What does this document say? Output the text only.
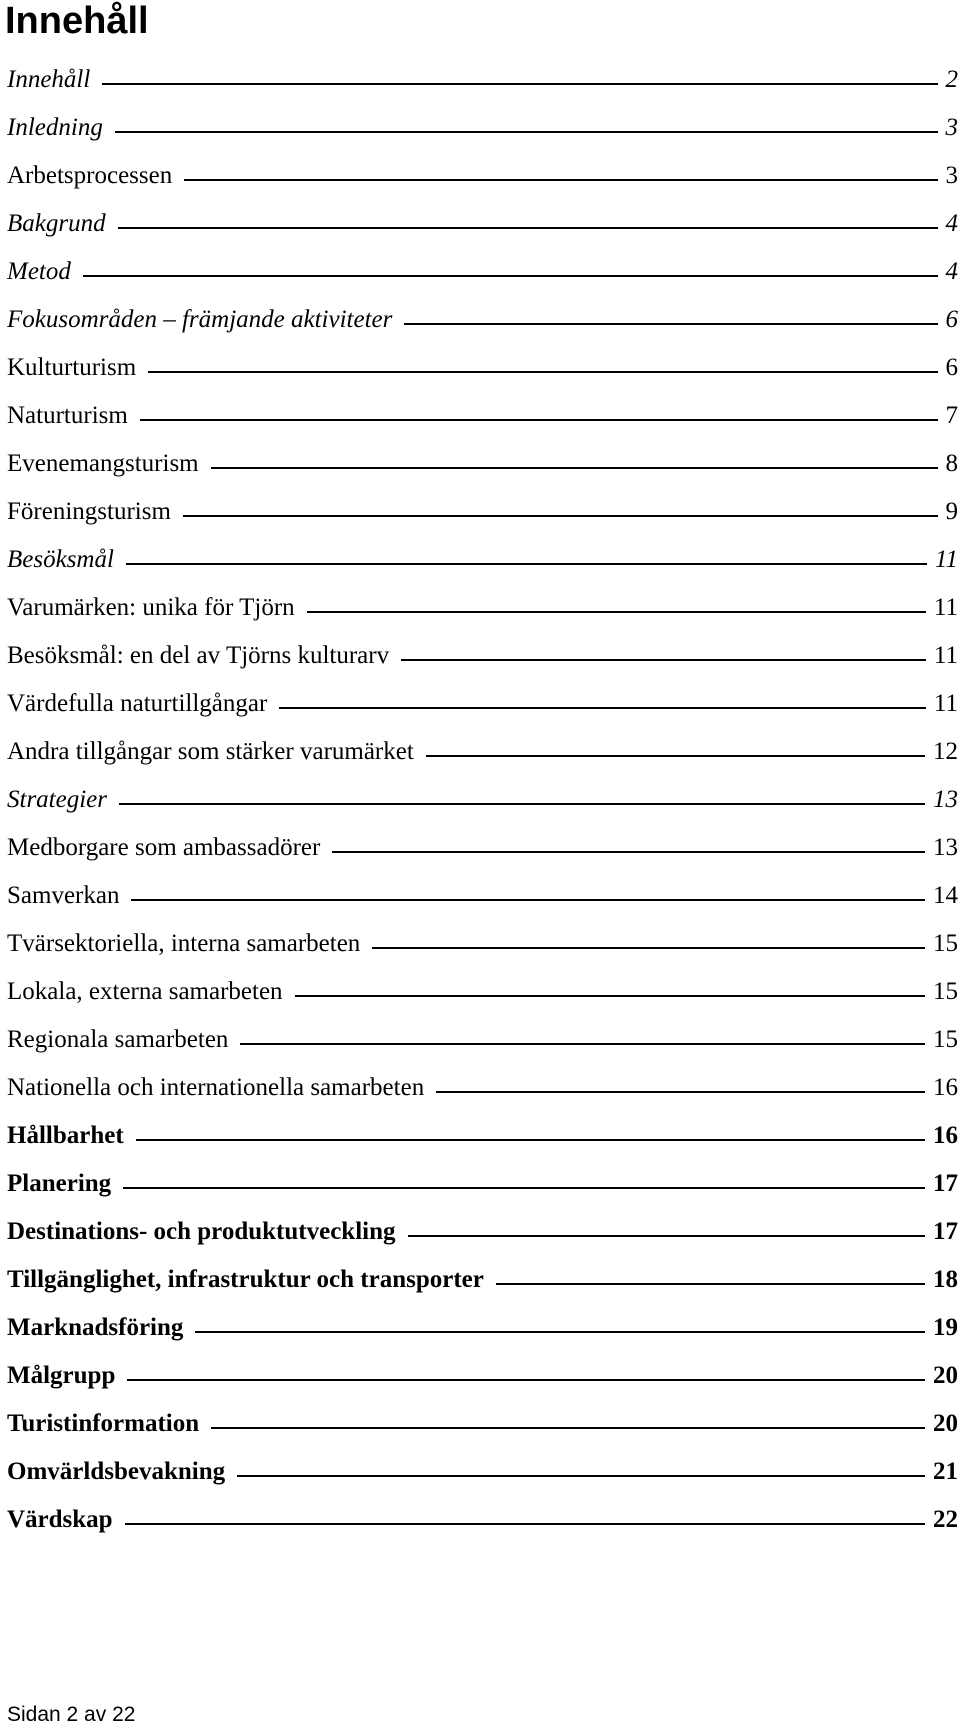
Innehåll
Innehåll	2
Inledning	3
Arbetsprocessen	3
Bakgrund	4
Metod	4
Fokusområden – främjande aktiviteter	6
Kulturturism	6
Naturturism	7
Evenemangsturism	8
Föreningsturism	9
Besöksmål	11
Varumärken: unika för Tjörn	11
Besöksmål: en del av Tjörns kulturarv	11
Värdefulla naturtillgångar	11
Andra tillgångar som stärker varumärket	12
Strategier	13
Medborgare som ambassadörer	13
Samverkan	14
Tvärsektoriella, interna samarbeten	15
Lokala, externa samarbeten	15
Regionala samarbeten	15
Nationella och internationella samarbeten	16
Hållbarhet	16
Planering	17
Destinations- och produktutveckling	17
Tillgänglighet, infrastruktur och transporter	18
Marknadsföring	19
Målgrupp	20
Turistinformation	20
Omvärldsbevakning	21
Värdskap	22
Sidan 2 av 22
